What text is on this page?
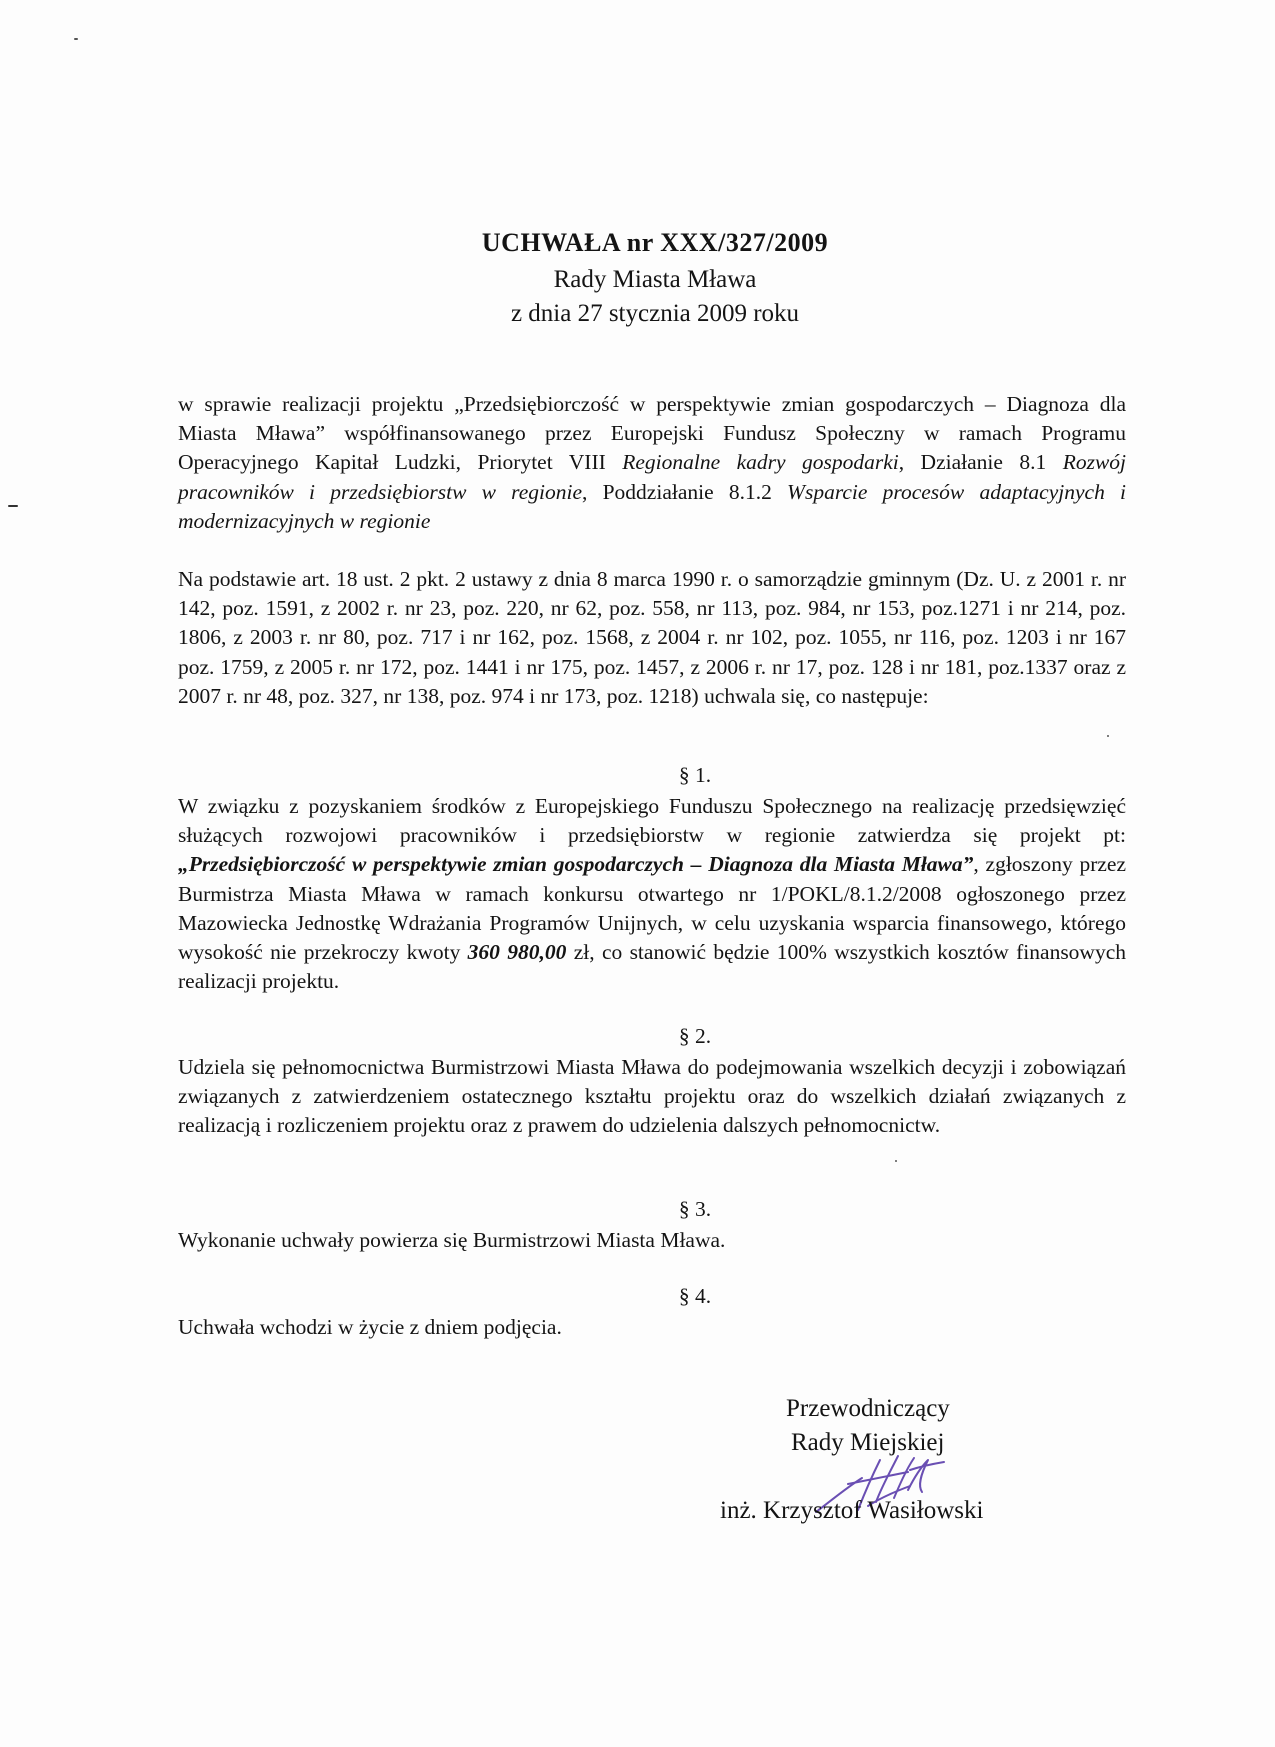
UCHWAŁA nr XXX/327/2009
Rady Miasta Mława
z dnia 27 stycznia 2009 roku
w sprawie realizacji projektu „Przedsiębiorczość w perspektywie zmian gospodarczych – Diagnoza dla Miasta Mława” współfinansowanego przez Europejski Fundusz Społeczny w ramach Programu Operacyjnego Kapitał Ludzki, Priorytet VIII Regionalne kadry gospodarki, Działanie 8.1 Rozwój pracowników i przedsiębiorstw w regionie, Poddziałanie 8.1.2 Wsparcie procesów adaptacyjnych i modernizacyjnych w regionie
Na podstawie art. 18 ust. 2 pkt. 2 ustawy z dnia 8 marca 1990 r. o samorządzie gminnym (Dz. U. z 2001 r. nr 142, poz. 1591, z 2002 r. nr 23, poz. 220, nr 62, poz. 558, nr 113, poz. 984, nr 153, poz.1271 i nr 214, poz. 1806, z 2003 r. nr 80, poz. 717 i nr 162, poz. 1568, z 2004 r. nr 102, poz. 1055, nr 116, poz. 1203 i nr 167 poz. 1759, z 2005 r. nr 172, poz. 1441 i nr 175, poz. 1457, z 2006 r. nr 17, poz. 128 i nr 181, poz.1337 oraz z 2007 r. nr 48, poz. 327, nr 138, poz. 974 i nr 173, poz. 1218) uchwala się, co następuje:
§ 1.
W związku z pozyskaniem środków z Europejskiego Funduszu Społecznego na realizację przedsięwzięć służących rozwojowi pracowników i przedsiębiorstw w regionie zatwierdza się projekt pt: „Przedsiębiorczość w perspektywie zmian gospodarczych – Diagnoza dla Miasta Mława”, zgłoszony przez Burmistrza Miasta Mława w ramach konkursu otwartego nr 1/POKL/8.1.2/2008 ogłoszonego przez Mazowiecka Jednostkę Wdrażania Programów Unijnych, w celu uzyskania wsparcia finansowego, którego wysokość nie przekroczy kwoty 360 980,00 zł, co stanowić będzie 100% wszystkich kosztów finansowych realizacji projektu.
§ 2.
Udziela się pełnomocnictwa Burmistrzowi Miasta Mława do podejmowania wszelkich decyzji i zobowiązań związanych z zatwierdzeniem ostatecznego kształtu projektu oraz do wszelkich działań związanych z realizacją i rozliczeniem projektu oraz z prawem do udzielenia dalszych pełnomocnictw.
§ 3.
Wykonanie uchwały powierza się Burmistrzowi Miasta Mława.
§ 4.
Uchwała wchodzi w życie z dniem podjęcia.
Przewodniczący
Rady Miejskiej
inż. Krzysztof Wasiłowski
